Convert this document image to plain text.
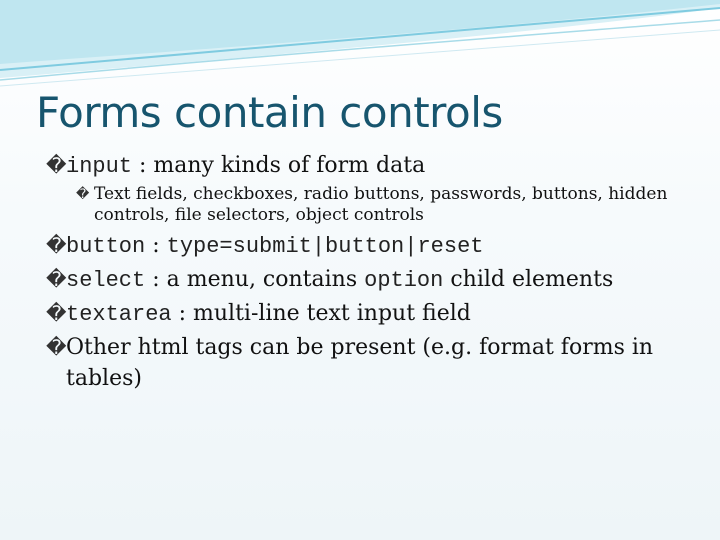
Forms contain controls
� input : many kinds of form data
� Text fields, checkboxes, radio buttons, passwords, buttons, hidden
controls, file selectors, object controls
� button : type=submit|button|reset
� select : a menu, contains option child elements
� textarea : multi-line text input field
� Other html tags can be present (e.g. format forms in
tables)
